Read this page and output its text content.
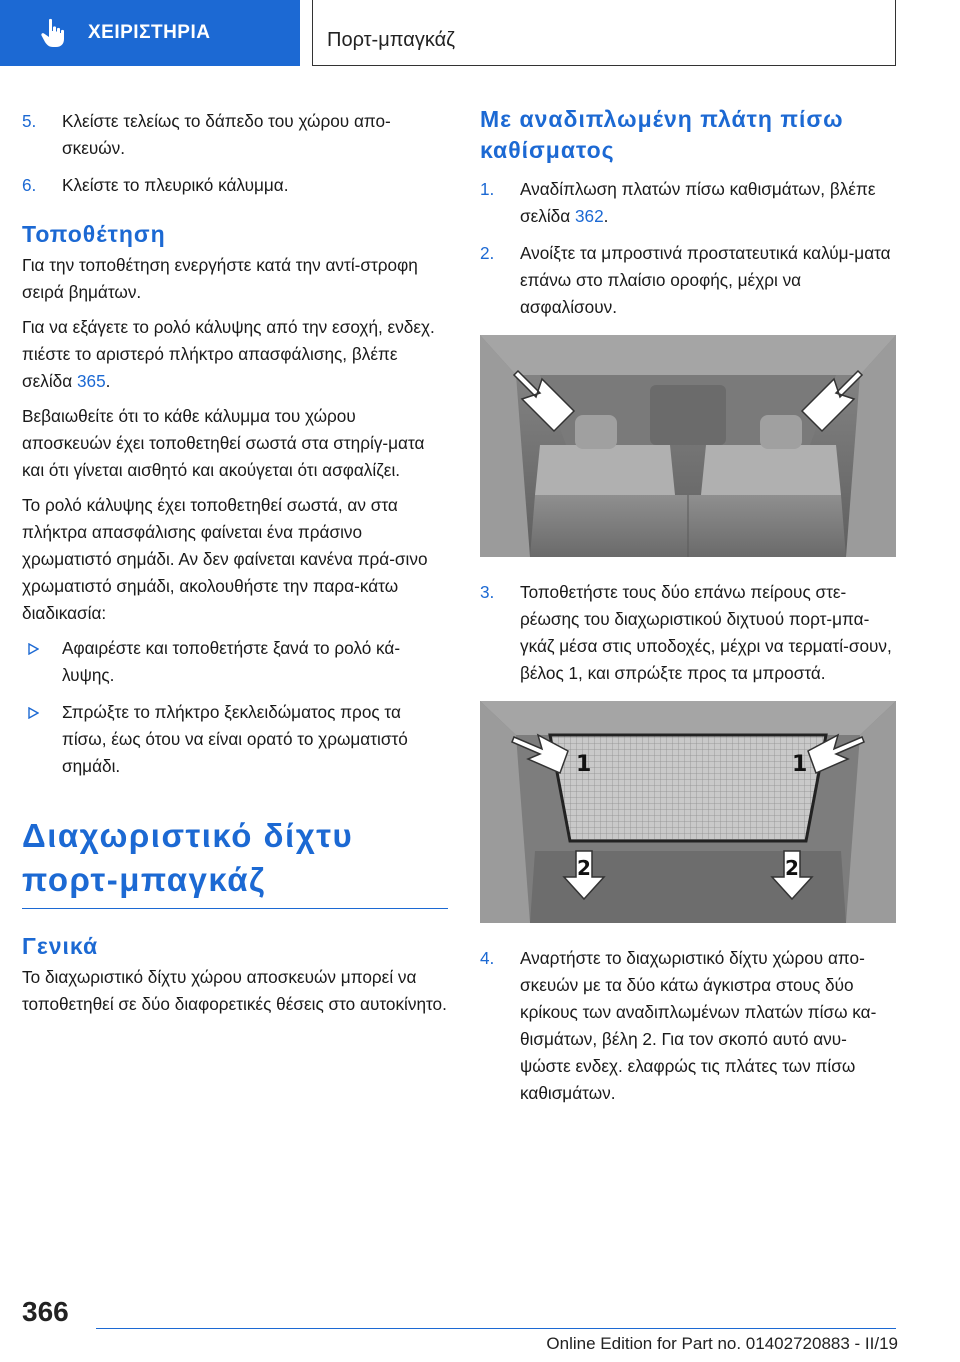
ΧΕΙΡΙΣΤΗΡΙΑ	Πορτ-μπαγκάζ
5. Κλείστε τελείως το δάπεδο του χώρου απο-σκευών.
6. Κλείστε το πλευρικό κάλυμμα.
Τοποθέτηση

Για την τοποθέτηση ενεργήστε κατά την αντί-στροφη σειρά βημάτων.

Για να εξάγετε το ρολό κάλυψης από την εσοχή, ενδεχ. πιέστε το αριστερό πλήκτρο απασφάλισης, βλέπε σελίδα 365.

Βεβαιωθείτε ότι το κάθε κάλυμμα του χώρου αποσκευών έχει τοποθετηθεί σωστά στα στηρίγ-ματα και ότι γίνεται αισθητό και ακούγεται ότι ασφαλίζει.

Το ρολό κάλυψης έχει τοποθετηθεί σωστά, αν στα πλήκτρα απασφάλισης φαίνεται ένα πράσινο χρωματιστό σημάδι. Αν δεν φαίνεται κανένα πρά-σινο χρωματιστό σημάδι, ακολουθήστε την παρα-κάτω διαδικασία:

Αφαιρέστε και τοποθετήστε ξανά το ρολό κά-λυψης.
Σπρώξτε το πλήκτρο ξεκλειδώματος προς τα πίσω, έως ότου να είναι ορατό το χρωματιστό σημάδι.
Διαχωριστικό δίχτυ πορτ-μπαγκάζ
Γενικά

Το διαχωριστικό δίχτυ χώρου αποσκευών μπορεί να τοποθετηθεί σε δύο διαφορετικές θέσεις στο αυτοκίνητο.

Με αναδιπλωμένη πλάτη πίσω καθίσματος
1. Αναδίπλωση πλατών πίσω καθισμάτων, βλέπε σελίδα 362.
2. Ανοίξτε τα μπροστινά προστατευτικά καλύμ-ματα επάνω στο πλαίσιο οροφής, μέχρι να ασφαλίσουν.
3. Τοποθετήστε τους δύο επάνω πείρους στε-ρέωσης του διαχωριστικού διχτυού πορτ-μπα-γκάζ μέσα στις υποδοχές, μέχρι να τερματί-σουν, βέλος 1, και σπρώξτε προς τα μπροστά.
1	1
2	2
4. Αναρτήστε το διαχωριστικό δίχτυ χώρου απο-σκευών με τα δύο κάτω άγκιστρα στους δύο κρίκους των αναδιπλωμένων πλατών πίσω κα-θισμάτων, βέλη 2. Για τον σκοπό αυτό ανυ-ψώστε ενδεχ. ελαφρώς τις πλάτες των πίσω καθισμάτων.
366
Online Edition for Part no. 01402720883 - II/19
